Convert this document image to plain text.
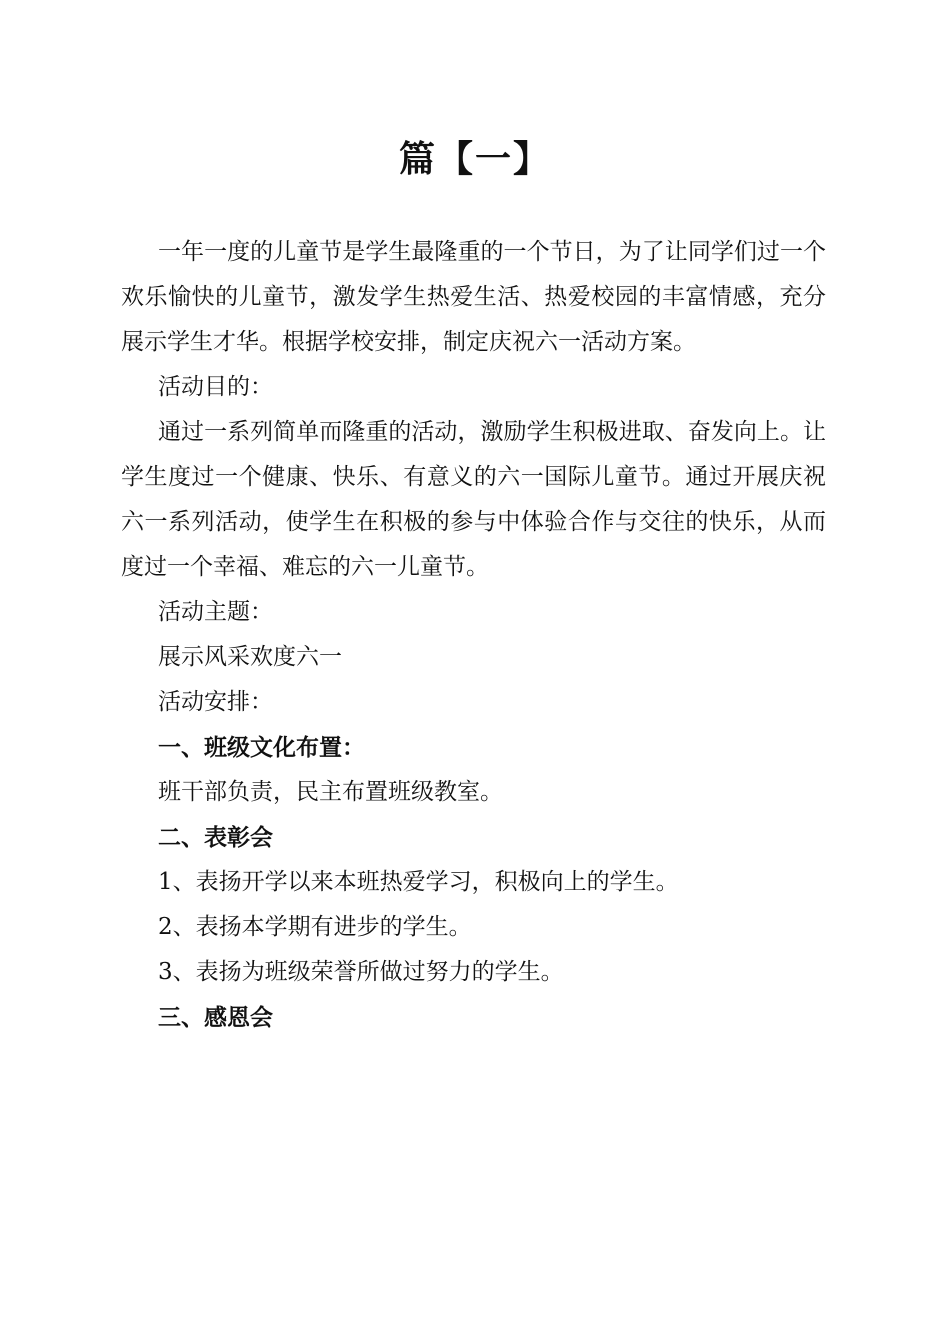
篇【一】

一年一度的儿童节是学生最隆重的一个节日，为了让同学们过一个欢乐愉快的儿童节，激发学生热爱生活、热爱校园的丰富情感，充分展示学生才华。根据学校安排，制定庆祝六一活动方案。

活动目的：

通过一系列简单而隆重的活动，激励学生积极进取、奋发向上。让学生度过一个健康、快乐、有意义的六一国际儿童节。通过开展庆祝六一系列活动，使学生在积极的参与中体验合作与交往的快乐，从而度过一个幸福、难忘的六一儿童节。

活动主题：

展示风采欢度六一

活动安排：

一、班级文化布置：

班干部负责，民主布置班级教室。

二、表彰会

1、表扬开学以来本班热爱学习，积极向上的学生。

2、表扬本学期有进步的学生。

3、表扬为班级荣誉所做过努力的学生。

三、感恩会
